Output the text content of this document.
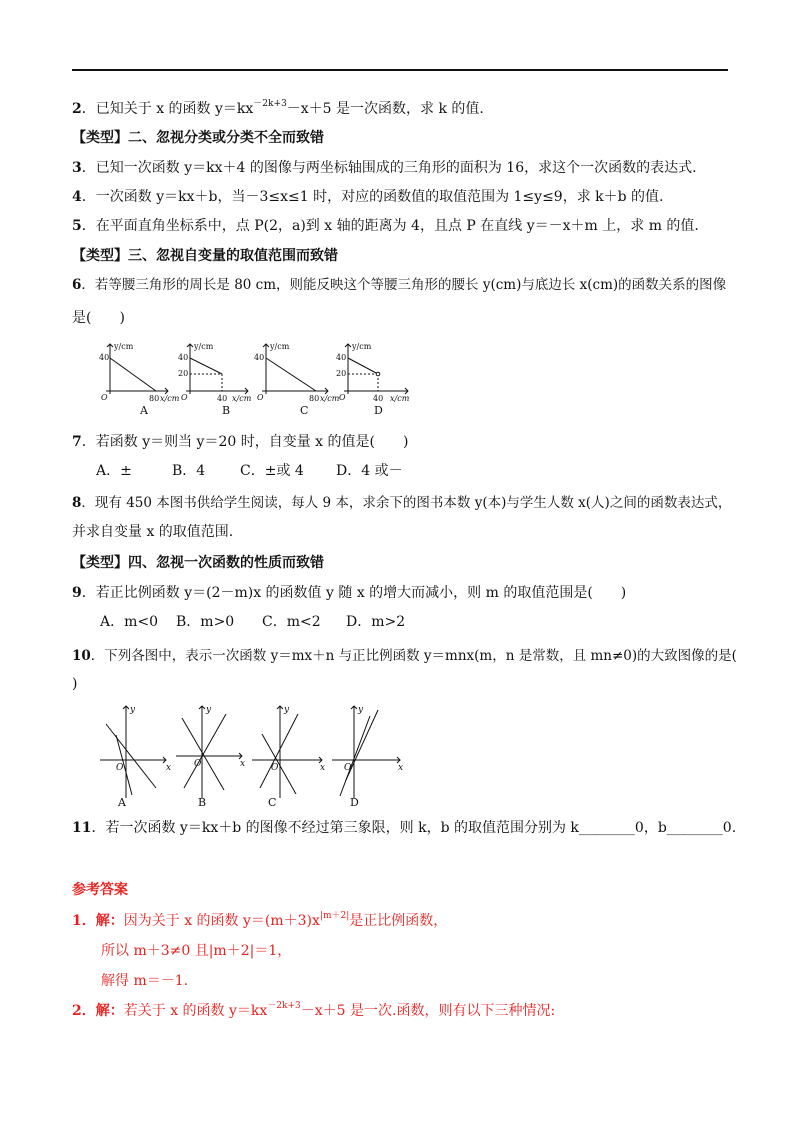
2．已知关于 x 的函数 $y=kx^{-2k+3}-x+5$ 是一次函数，求 k 的值.
【类型】二、忽视分类或分类不全而致错
3．已知一次函数 y＝kx＋4 的图像与两坐标轴围成的三角形的面积为 16，求这个一次函数的表达式.
4．一次函数 y＝kx＋b，当－3≤x≤1 时，对应的函数值的取值范围为 1≤y≤9，求 k＋b 的值.
5．在平面直角坐标系中，点 P(2，a)到 x 轴的距离为 4，且点 P 在直线 y＝－x＋m 上，求 m 的值.
【类型】三、忽视自变量的取值范围而致错
6．若等腰三角形的周长是 80 cm，则能反映这个等腰三角形的腰长 y(cm)与底边长 x(cm)的函数关系的图像
是(　　)
y/cm
40
O	80 x/cm
y/cm
40
20
O	40 x/cm
y/cm
40
O	80 x/cm
y/cm
40
20
O	40 x/cm
A	B	C	D
7．若函数 y＝则当 y＝20 时，自变量 x 的值是(　　)
A．±	B．4 C．±或 4 D．4 或－
8．现有 450 本图书供给学生阅读，每人 9 本，求余下的图书本数 y(本)与学生人数 x(人)之间的函数表达式，
并求自变量 x 的取值范围.
【类型】四、忽视一次函数的性质而致错
9．若正比例函数 y＝(2－m)x 的函数值 y 随 x 的增大而减小，则 m 的取值范围是(　　)
A．m<0 B．m>0 C．m<2 D．m>2
10．下列各图中，表示一次函数 y＝mx＋n 与正比例函数 y＝mnx(m，n 是常数，且 mn≠0)的大致图像的是(
)
y
x
O
y
x
O
y
x
O
y
x
O
A	B	C	D
11．若一次函数 y＝kx＋b 的图像不经过第三象限，则 k，b 的取值范围分别为 k________0，b________0.
参考答案
1．解：因为关于 x 的函数 $y=(m+3)x^{|m+2|}$是正比例函数，
所以 m＋3≠0 且|m＋2|＝1，
解得 m＝－1.
2．解：若关于 x 的函数 $y=kx^{-2k+3}-x+5$ 是一次.函数，则有以下三种情况:
